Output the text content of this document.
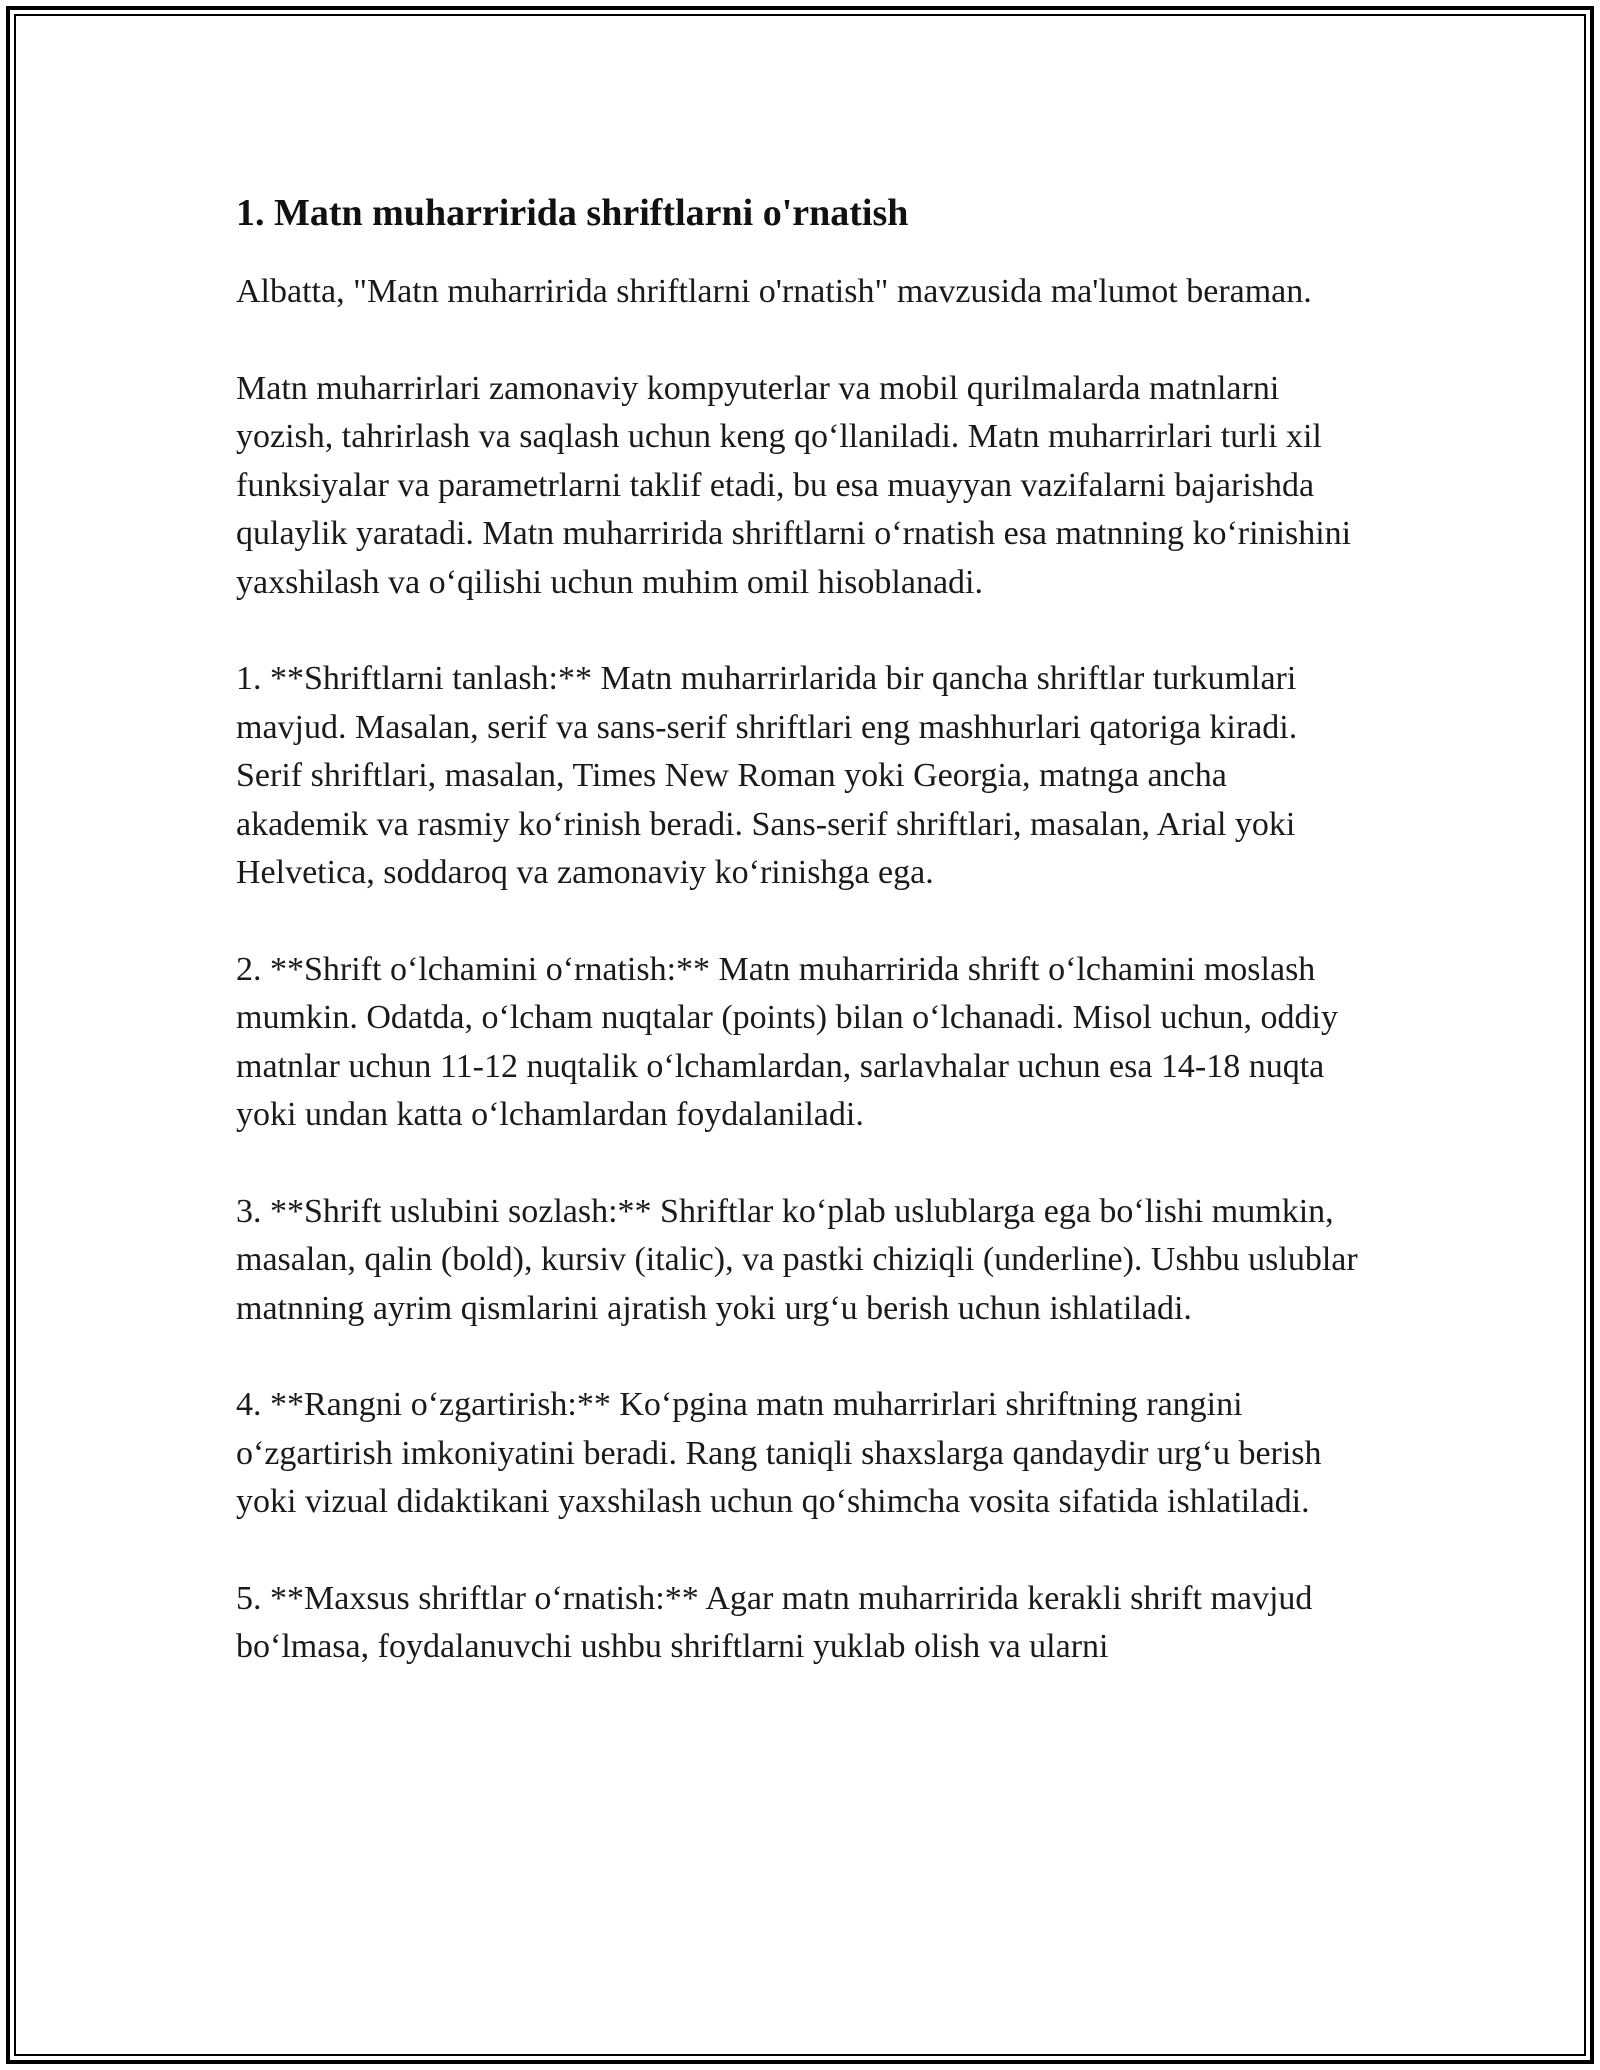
1. Matn muharririda shriftlarni o'rnatish

Albatta, "Matn muharririda shriftlarni o'rnatish" mavzusida ma'lumot beraman.

Matn muharrirlari zamonaviy kompyuterlar va mobil qurilmalarda matnlarni yozish, tahrirlash va saqlash uchun keng qo‘llaniladi. Matn muharrirlari turli xil funksiyalar va parametrlarni taklif etadi, bu esa muayyan vazifalarni bajarishda qulaylik yaratadi. Matn muharririda shriftlarni o‘rnatish esa matnning ko‘rinishini yaxshilash va o‘qilishi uchun muhim omil hisoblanadi.

1. **Shriftlarni tanlash:** Matn muharrirlarida bir qancha shriftlar turkumlari mavjud. Masalan, serif va sans-serif shriftlari eng mashhurlari qatoriga kiradi. Serif shriftlari, masalan, Times New Roman yoki Georgia, matnga ancha akademik va rasmiy ko‘rinish beradi. Sans-serif shriftlari, masalan, Arial yoki Helvetica, soddaroq va zamonaviy ko‘rinishga ega.

2. **Shrift o‘lchamini o‘rnatish:** Matn muharririda shrift o‘lchamini moslash mumkin. Odatda, o‘lcham nuqtalar (points) bilan o‘lchanadi. Misol uchun, oddiy matnlar uchun 11-12 nuqtalik o‘lchamlardan, sarlavhalar uchun esa 14-18 nuqta yoki undan katta o‘lchamlardan foydalaniladi.

3. **Shrift uslubini sozlash:** Shriftlar ko‘plab uslublarga ega bo‘lishi mumkin, masalan, qalin (bold), kursiv (italic), va pastki chiziqli (underline). Ushbu uslublar matnning ayrim qismlarini ajratish yoki urg‘u berish uchun ishlatiladi.

4. **Rangni o‘zgartirish:** Ko‘pgina matn muharrirlari shriftning rangini o‘zgartirish imkoniyatini beradi. Rang taniqli shaxslarga qandaydir urg‘u berish yoki vizual didaktikani yaxshilash uchun qo‘shimcha vosita sifatida ishlatiladi.

5. **Maxsus shriftlar o‘rnatish:** Agar matn muharririda kerakli shrift mavjud bo‘lmasa, foydalanuvchi ushbu shriftlarni yuklab olish va ularni
